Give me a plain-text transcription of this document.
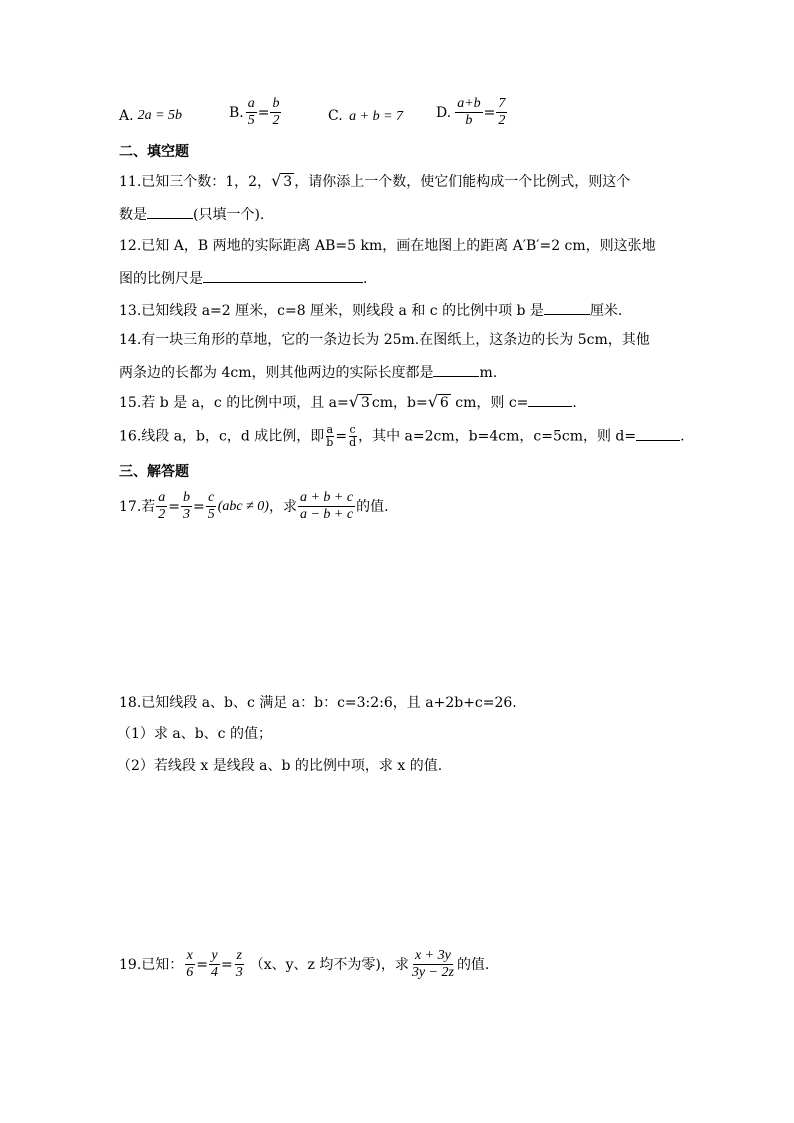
A. 2a = 5b	B. $\frac{a}{5} = \frac{b}{2}$	C. a + b = 7 D. $\frac{a+b}{b} = \frac{7}{2}$
二、填空题
11.已知三个数：1，2， √ 3 ，请你添上一个数，使它们能构成一个比例式，则这个
数是	(只填一个).
12.已知 A，B 两地的实际距离 AB=5 km，画在地图上的距离 A′B′=2 cm，则这张地
图的比例尺是	.
13.已知线段 a=2 厘米，c=8 厘米，则线段 a 和 c 的比例中项 b 是	厘米.
14.有一块三角形的草地，它的一条边长为 25m.在图纸上，这条边的长为 5cm，其他
两条边的长都为 4cm，则其他两边的实际长度都是	m.
15.若 b 是 a，c 的比例中项，且 a= √ 3 cm，b= √ 6 cm，则 c=	.
16.线段 a，b，c，d 成比例，即 $\frac{a}{b} = \frac{c}{d}$ ，其中 a=2cm，b=4cm，c=5cm，则 d=	.
三、解答题
17.若 $\frac{a}{2} = \frac{b}{3} = \frac{c}{5} (abc \ne 0)$ ，求 $\frac{a + b + c}{a - b + c}$ 的值.
18.已知线段 a、b、c 满足 a：b：c=3:2:6，且 a+2b+c=26.
（1）求 a、b、c 的值；
（2）若线段 x 是线段 a、b 的比例中项，求 x 的值.
19.已知： $\frac{x}{6} = \frac{y}{4} = \frac{z}{3} (x$、y、z 均不为零)，求 $\frac{x + 3y}{3y - 2z}$ 的值.
